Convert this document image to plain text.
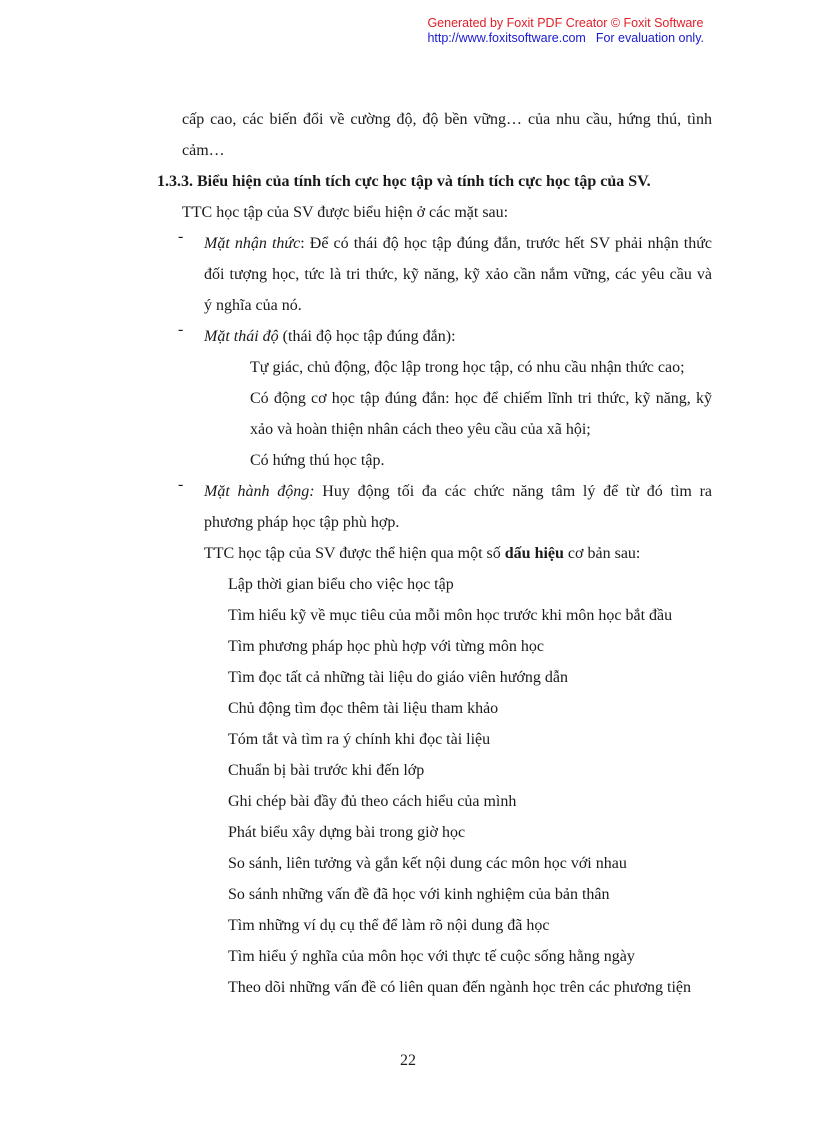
Generated by Foxit PDF Creator © Foxit Software
http://www.foxitsoftware.com For evaluation only.
cấp cao, các biến đổi về cường độ, độ bền vững… của nhu cầu, hứng thú, tình
cảm…
1.3.3. Biểu hiện của tính tích cực học tập và tính tích cực học tập của SV.
TTC học tập của SV được biểu hiện ở các mặt sau:
- Mặt nhận thức: Để có thái độ học tập đúng đắn, trước hết SV phải nhận thức
đối tượng học, tức là tri thức, kỹ năng, kỹ xảo cần nắm vững, các yêu cầu và
ý nghĩa của nó.
- Mặt thái độ (thái độ học tập đúng đắn):
Tự giác, chủ động, độc lập trong học tập, có nhu cầu nhận thức cao;
Có động cơ học tập đúng đắn: học để chiếm lĩnh tri thức, kỹ năng, kỹ
xảo và hoàn thiện nhân cách theo yêu cầu của xã hội;
Có hứng thú học tập.
- Mặt hành động: Huy động tối đa các chức năng tâm lý để từ đó tìm ra
phương pháp học tập phù hợp.
TTC học tập của SV được thể hiện qua một số dấu hiệu cơ bản sau:
Lập thời gian biểu cho việc học tập
Tìm hiểu kỹ về mục tiêu của mỗi môn học trước khi môn học bắt đầu
Tìm phương pháp học phù hợp với từng môn học
Tìm đọc tất cả những tài liệu do giáo viên hướng dẫn
Chủ động tìm đọc thêm tài liệu tham khảo
Tóm tắt và tìm ra ý chính khi đọc tài liệu
Chuẩn bị bài trước khi đến lớp
Ghi chép bài đầy đủ theo cách hiểu của mình
Phát biểu xây dựng bài trong giờ học
So sánh, liên tưởng và gắn kết nội dung các môn học với nhau
So sánh những vấn đề đã học với kinh nghiệm của bản thân
Tìm những ví dụ cụ thể để làm rõ nội dung đã học
Tìm hiểu ý nghĩa của môn học với thực tế cuộc sống hằng ngày
Theo dõi những vấn đề có liên quan đến ngành học trên các phương tiện
22
